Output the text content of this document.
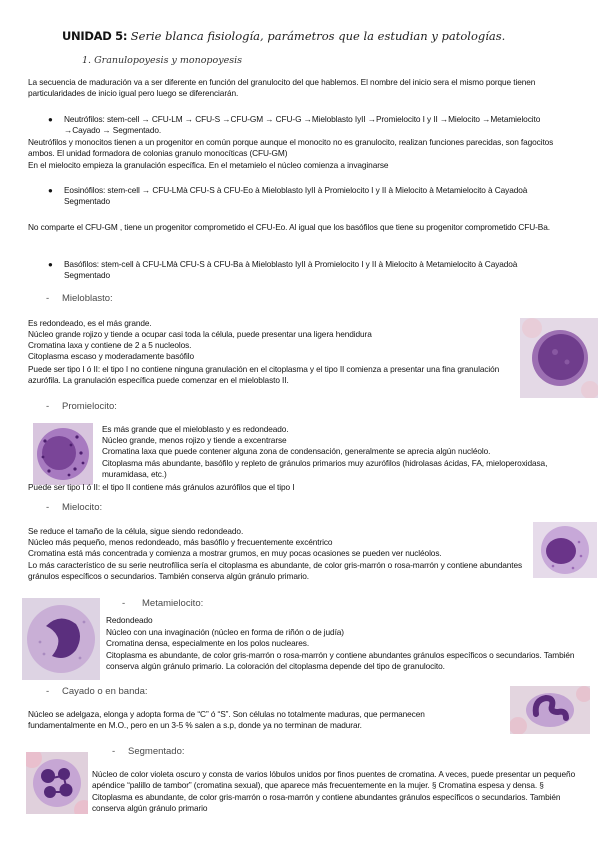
UNIDAD 5: Serie blanca fisiología, parámetros que la estudian y patologías.
1. Granulopoyesis y monopoyesis

La secuencia de maduración va a ser diferente en función del granulocito del que hablemos. El nombre del inicio sera el mismo porque tienen particularidades de inicio igual pero luego se diferenciarán.

● Neutrófilos: stem-cell → CFU-LM → CFU-S →CFU-GM → CFU-G →Mieloblasto IyII →Promielocito I y II →Mielocito →Metamielocito →Cayado → Segmentado.

Neutrófilos y monocitos tienen a un progenitor en común porque aunque el monocito no es granulocito, realizan funciones parecidas, son fagocitos ambos. El unidad formadora de colonias granulo monocíticas (CFU-GM)

En el mielocito empieza la granulación específica. En el metamielo el núcleo comienza a invaginarse

● Eosinófilos: stem-cell → CFU-LMà CFU-S à CFU-Eo à Mieloblasto IyII à Promielocito I y II à Mielocito à Metamielocito à Cayadoà Segmentado

No comparte el CFU-GM , tiene un progenitor comprometido el CFU-Eo. Al igual que los basófilos que tiene su progenitor comprometido CFU-Ba.

● Basófilos: stem-cell à CFU-LMà CFU-S à CFU-Ba à Mieloblasto IyII à Promielocito I y II à Mielocito à Metamielocito à Cayadoà Segmentado

- Mieloblasto:

Es redondeado, es el más grande.

Núcleo grande rojizo y tiende a ocupar casi toda la célula, puede presentar una ligera hendidura

Cromatina laxa y contiene de 2 a 5 nucleolos.

Citoplasma escaso y moderadamente basófilo

Puede ser tipo I ó II: el tipo I no contiene ninguna granulación en el citoplasma y el tipo II comienza a presentar una fina granulación azurófila. La granulación específica puede comenzar en el mieloblasto II.

- Promielocito:

Es más grande que el mieloblasto y es redondeado.

Núcleo grande, menos rojizo y tiende a excentrarse

Cromatina laxa que puede contener alguna zona de condensación, generalmente se aprecia algún nucléolo.

Citoplasma más abundante, basófilo y repleto de gránulos primarios muy azurófilos (hidrolasas ácidas, FA, mieloperoxidasa, muramidasa, etc.)

Puede ser tipo I ó II: el tipo II contiene más gránulos azurófilos que el tipo I

- Mielocito:

Se reduce el tamaño de la célula, sigue siendo redondeado.

Núcleo más pequeño, menos redondeado, más basófilo y frecuentemente excéntrico

Cromatina está más concentrada y comienza a mostrar grumos, en muy pocas ocasiones se pueden ver nucléolos.

Lo más característico de su serie neutrofílica sería el citoplasma es abundante, de color gris-marrón o rosa-marrón y contiene abundantes gránulos específicos o secundarios. También conserva algún gránulo primario.

- Metamielocito:

Redondeado

Núcleo con una invaginación (núcleo en forma de riñón o de judía)

Cromatina densa, especialmente en los polos nucleares.

Citoplasma es abundante, de color gris-marrón o rosa-marrón y contiene abundantes gránulos específicos o secundarios. También conserva algún gránulo primario. La coloración del citoplasma depende del tipo de granulocito.

- Cayado o en banda:

Núcleo se adelgaza, elonga y adopta forma de “C” ó “S”. Son células no totalmente maduras, que permanecen fundamentalmente en M.O., pero en un 3-5 % salen a s.p, donde ya no terminan de madurar.

- Segmentado:

Núcleo de color violeta oscuro y consta de varios lóbulos unidos por finos puentes de cromatina. A veces, puede presentar un pequeño apéndice “palillo de tambor” (cromatina sexual), que aparece más frecuentemente en la mujer. § Cromatina espesa y densa. § Citoplasma es abundante, de color gris-marrón o rosa-marrón y contiene abundantes gránulos específicos o secundarios. También conserva algún gránulo primario
